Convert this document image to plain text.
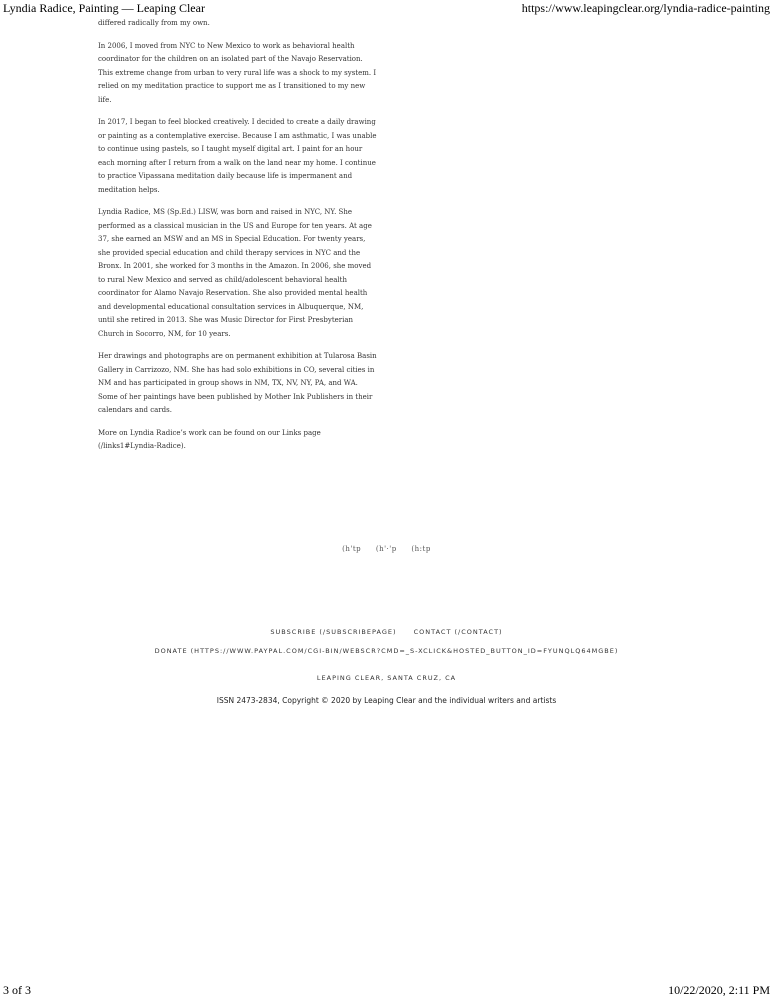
Lyndia Radice, Painting — Leaping Clear	https://www.leapingclear.org/lyndia-radice-painting

differed radically from my own.

In 2006, I moved from NYC to New Mexico to work as behavioral health coordinator for the children on an isolated part of the Navajo Reservation. This extreme change from urban to very rural life was a shock to my system. I relied on my meditation practice to support me as I transitioned to my new life.

In 2017, I began to feel blocked creatively. I decided to create a daily drawing or painting as a contemplative exercise. Because I am asthmatic, I was unable to continue using pastels, so I taught myself digital art. I paint for an hour each morning after I return from a walk on the land near my home. I continue to practice Vipassana meditation daily because life is impermanent and meditation helps.

Lyndia Radice, MS (Sp.Ed.) LISW, was born and raised in NYC, NY. She performed as a classical musician in the US and Europe for ten years. At age 37, she earned an MSW and an MS in Special Education. For twenty years, she provided special education and child therapy services in NYC and the Bronx. In 2001, she worked for 3 months in the Amazon. In 2006, she moved to rural New Mexico and served as child/adolescent behavioral health coordinator for Alamo Navajo Reservation. She also provided mental health and developmental educational consultation services in Albuquerque, NM, until she retired in 2013. She was Music Director for First Presbyterian Church in Socorro, NM, for 10 years.

Her drawings and photographs are on permanent exhibition at Tularosa Basin Gallery in Carrizozo, NM. She has had solo exhibitions in CO, several cities in NM and has participated in group shows in NM, TX, NV, NY, PA, and WA. Some of her paintings have been published by Mother Ink Publishers in their calendars and cards.

More on Lyndia Radice’s work can be found on our Links page (/links1#Lyndia-Radice).

(h'tp (h'·'p (h:tp
SUBSCRIBE (/SUBSCRIBEPAGE)	CONTACT (/CONTACT)
DONATE (HTTPS://WWW.PAYPAL.COM/CGI-BIN/WEBSCR?CMD=_S-XCLICK&HOSTED_BUTTON_ID=FYUNQLQ64MGBE)
LEAPING CLEAR, SANTA CRUZ, CA
ISSN 2473-2834, Copyright © 2020 by Leaping Clear and the individual writers and artists
3 of 3	10/22/2020, 2:11 PM
